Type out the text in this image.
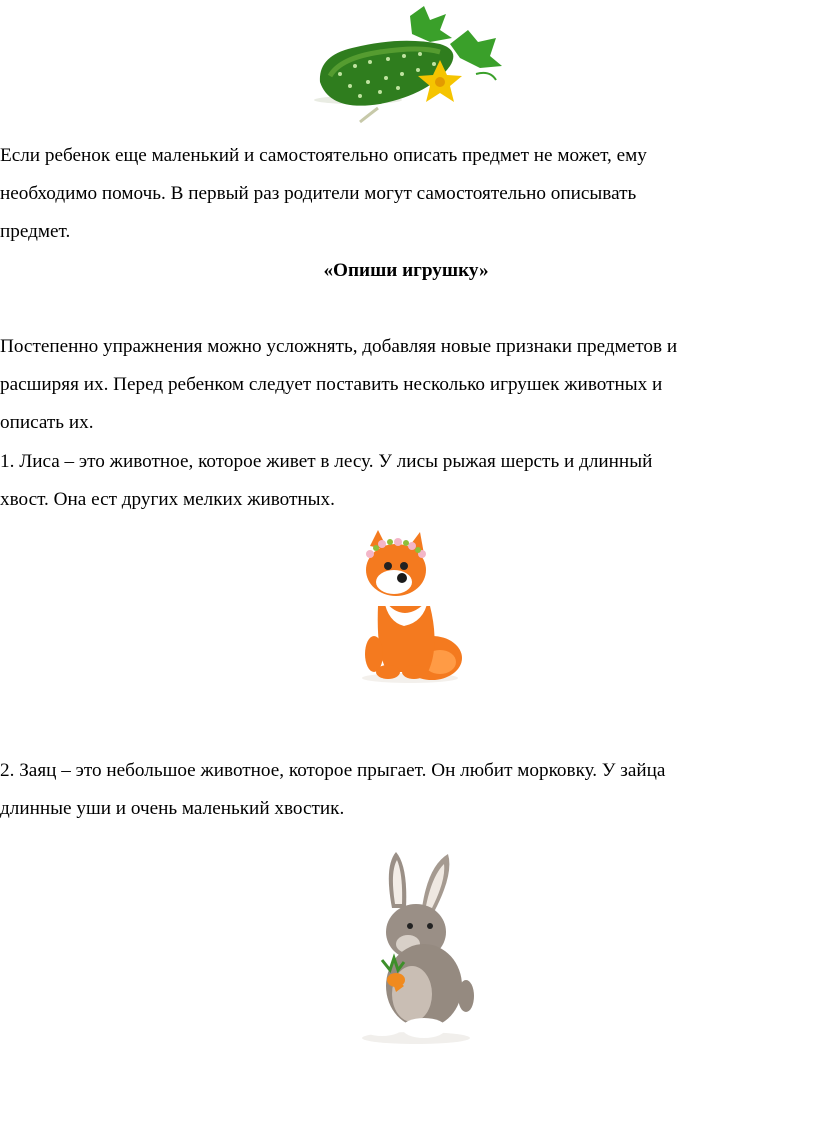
Если ребенок еще маленький и самостоятельно описать предмет не может, ему
необходимо помочь. В первый раз родители могут самостоятельно описывать
предмет.

«Опиши игрушку»

Постепенно упражнения можно усложнять, добавляя новые признаки предметов и
расширяя их. Перед ребенком следует поставить несколько игрушек животных и
описать их.

1. Лиса – это животное, которое живет в лесу. У лисы рыжая шерсть и длинный
хвост. Она ест других мелких животных.

2. Заяц – это небольшое животное, которое прыгает. Он любит морковку. У зайца
длинные уши и очень маленький хвостик.
